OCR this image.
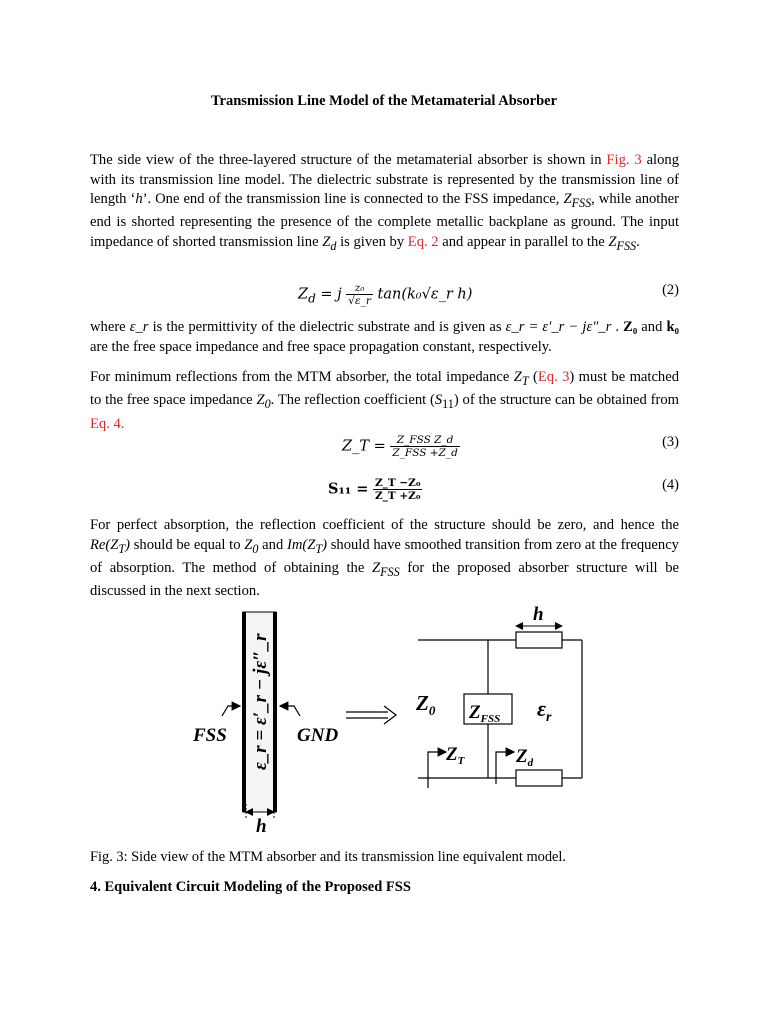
Transmission Line Model of the Metamaterial Absorber
The side view of the three-layered structure of the metamaterial absorber is shown in Fig. 3 along with its transmission line model. The dielectric substrate is represented by the transmission line of length ‘h’. One end of the transmission line is connected to the FSS impedance, $Z_{FSS}$, while another end is shorted representing the presence of the complete metallic backplane as ground. The input impedance of shorted transmission line $Z_d$ is given by Eq. 2 and appear in parallel to the $Z_{FSS}$.
$Z_d = j \frac{\text{z₀}}{√\varepsilon\_r}$ tan(k₀√ε_r h)	(2)
where ε_r is the permittivity of the dielectric substrate and is given as ε_r = ε′_r − jε″_r . Z₀ and k₀ are the free space impedance and free space propagation constant, respectively.
For minimum reflections from the MTM absorber, the total impedance $Z_T$ (Eq. 3) must be matched to the free space impedance $Z_0$. The reflection coefficient $(S_{11})$ of the structure can be obtained from Eq. 4.
Z_T = $\frac{\text{Z\_FSS Z\_d}}{\text{Z\_FSS +Z\_d}}$	(3)
$S_{11} = \frac{\text{Z\_T −Z₀}}{\text{Z\_T +Z₀}}$	(4)
For perfect absorption, the reflection coefficient of the structure should be zero, and hence the $Re(Z_T)$ should be equal to $Z_0$ and $Im(Z_T)$ should have smoothed transition from zero at the frequency of absorption. The method of obtaining the $Z_{FSS}$ for the proposed absorber structure will be discussed in the next section.
ε_r = ε′_r − jε″_r
FSS	GND
h
h
$Z_0$ $Z_{FSS}$ $\varepsilon_r$
$Z_T$	$Z_d$
Fig. 3: Side view of the MTM absorber and its transmission line equivalent model.
4. Equivalent Circuit Modeling of the Proposed FSS
